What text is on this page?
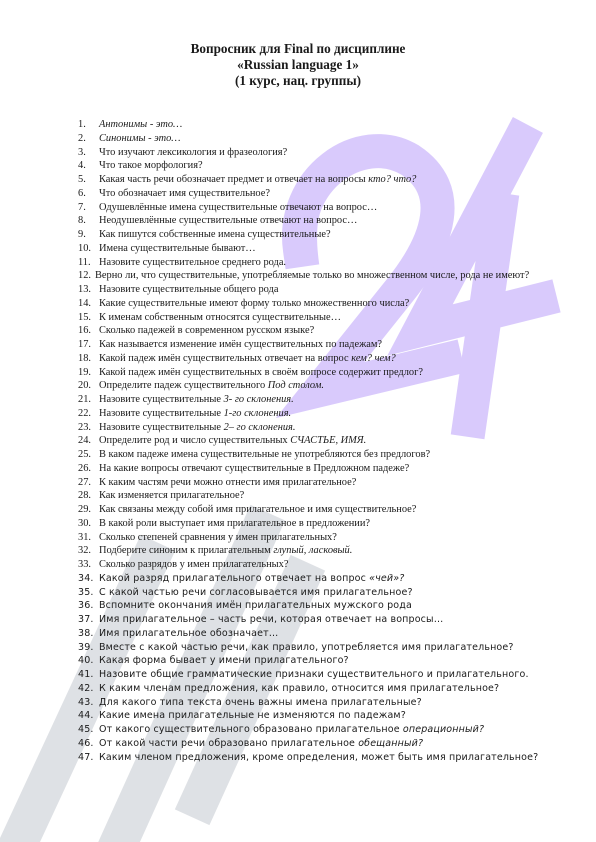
Вопросник для Final по дисциплине
«Russian language 1»
(1 курс, нац. группы)
1. Антонимы - это…
2. Синонимы - это…
3. Что изучают лексикология и фразеология?
4. Что такое морфология?
5. Какая часть речи обозначает предмет и отвечает на вопросы кто? что?
6. Что обозначает имя существительное?
7. Одушевлённые имена существительные отвечают на вопрос…
8. Неодушевлённые существительные отвечают на вопрос…
9. Как пишутся собственные имена существительные?
10. Имена существительные бывают…
11. Назовите существительное среднего рода.
12. Верно ли, что существительные, употребляемые только во множественном числе, рода не имеют?
13. Назовите существительные общего рода
14. Какие существительные имеют форму только множественного числа?
15. К именам собственным относятся существительные…
16. Сколько падежей в современном русском языке?
17. Как называется изменение имён существительных по падежам?
18. Какой падеж имён существительных отвечает на вопрос кем? чем?
19. Какой падеж имён существительных в своём вопросе содержит предлог?
20. Определите падеж существительного Под столом.
21. Назовите существительные 3- го склонения.
22. Назовите существительные 1-го склонения.
23. Назовите существительные 2– го склонения.
24. Определите род и число существительных СЧАСТЬЕ, ИМЯ.
25. В каком падеже имена существительные не употребляются без предлогов?
26. На какие вопросы отвечают существительные в Предложном падеже?
27. К каким частям речи можно отнести имя прилагательное?
28. Как изменяется прилагательное?
29. Как связаны между собой имя прилагательное и имя существительное?
30. В какой роли выступает имя прилагательное в предложении?
31. Сколько степеней сравнения у имен прилагательных?
32. Подберите синоним к прилагательным глупый, ласковый.
33. Сколько разрядов у имен прилагательных?
34. Какой разряд прилагательного отвечает на вопрос «чей»?
35. С какой частью речи согласовывается имя прилагательное?
36. Вспомните окончания имён прилагательных мужского рода
37. Имя прилагательное – часть речи, которая отвечает на вопросы…
38. Имя прилагательное обозначает…
39. Вместе с какой частью речи, как правило, употребляется имя прилагательное?
40. Какая форма бывает у имени прилагательного?
41. Назовите общие грамматические признаки существительного и прилагательного.
42. К каким членам предложения, как правило, относится имя прилагательное?
43. Для какого типа текста очень важны имена прилагательные?
44. Какие имена прилагательные не изменяются по падежам?
45. От какого существительного образовано прилагательное операционный?
46. От какой части речи образовано прилагательное обещанный?
47. Каким членом предложения, кроме определения, может быть имя прилагательное?
